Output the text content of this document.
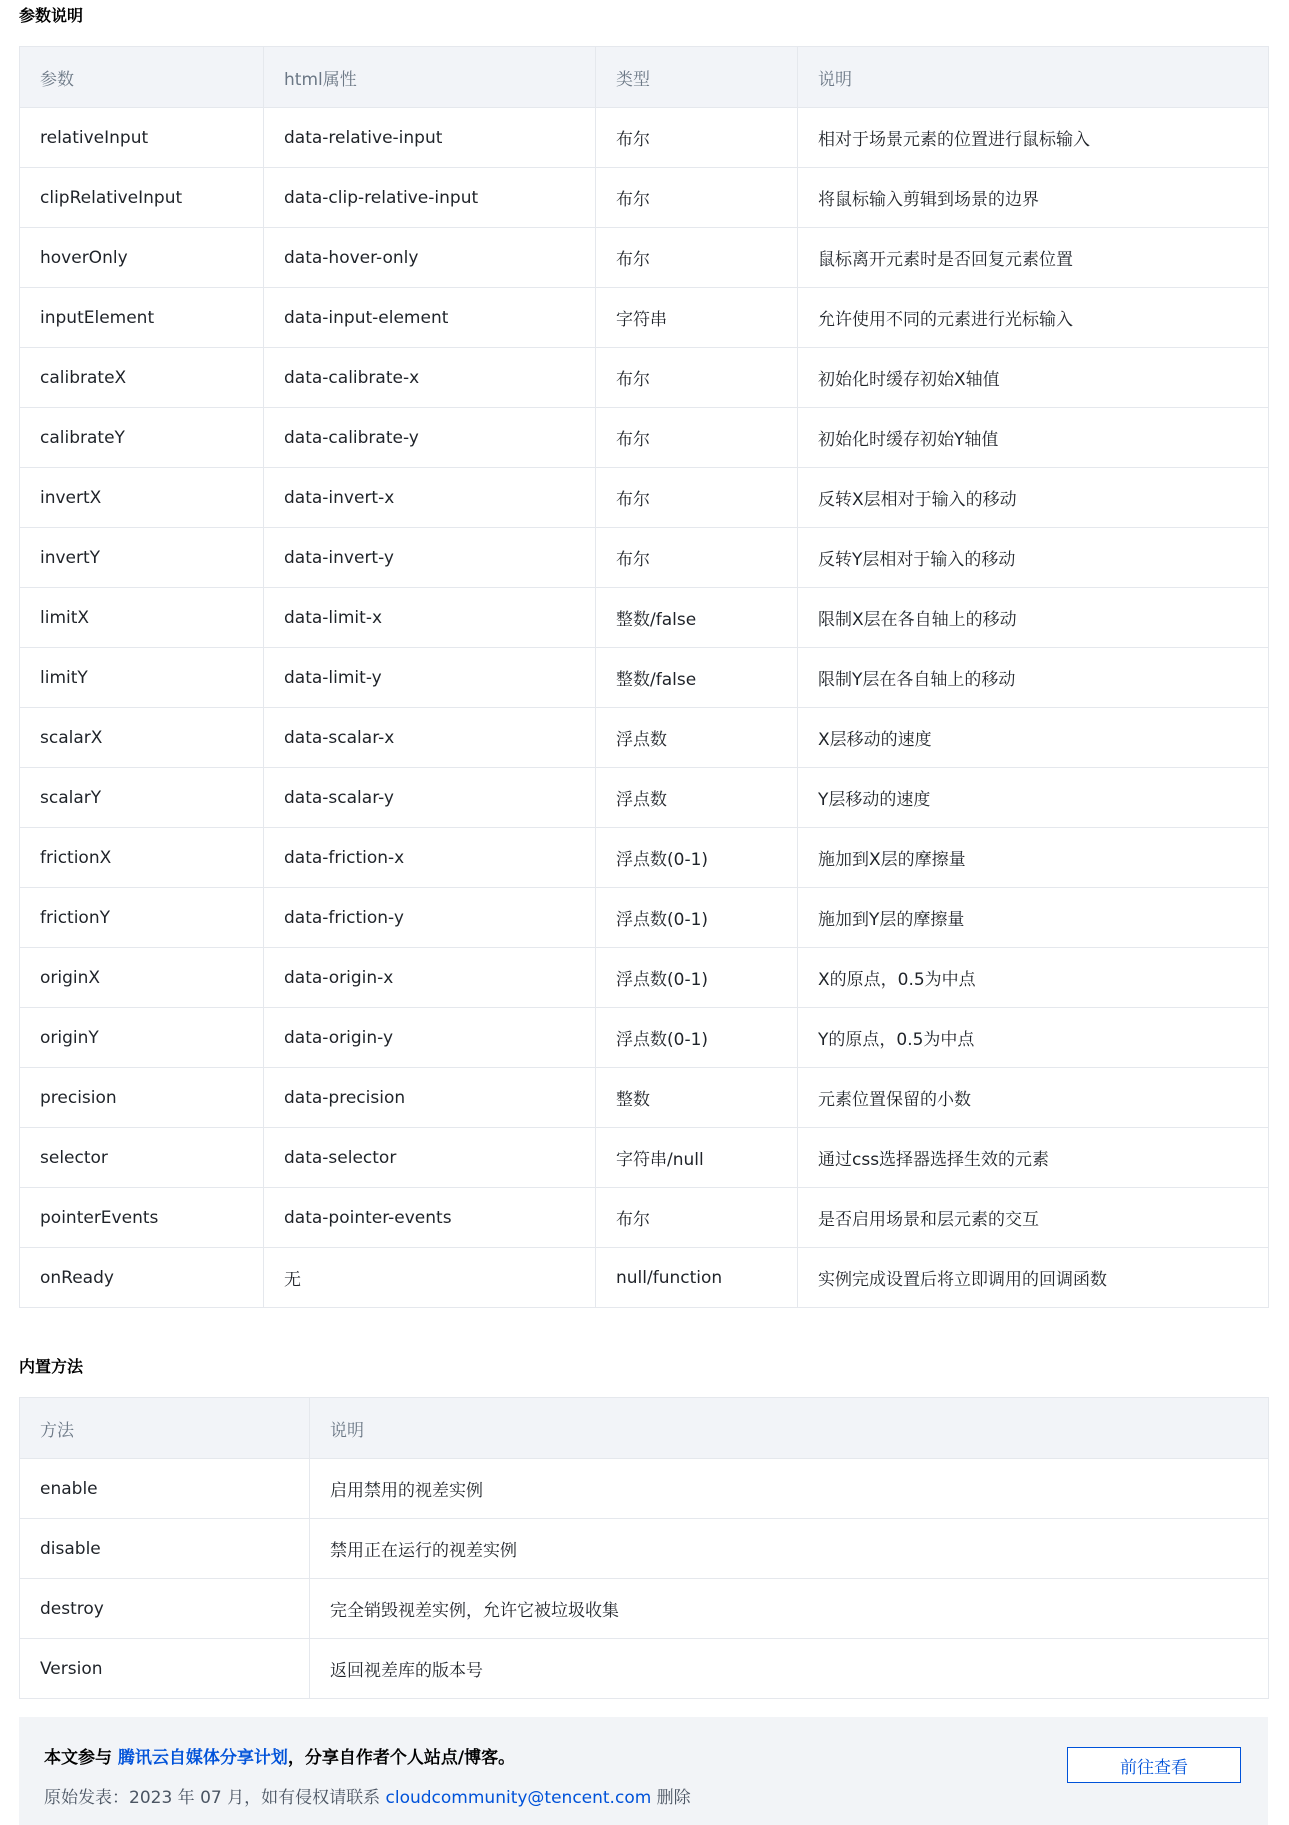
参数说明
参数	html属性	类型	说明
relativeInput	data-relative-input	布尔	相对于场景元素的位置进行鼠标输入
clipRelativeInput	data-clip-relative-input	布尔	将鼠标输入剪辑到场景的边界
hoverOnly	data-hover-only	布尔	鼠标离开元素时是否回复元素位置
inputElement	data-input-element	字符串	允许使用不同的元素进行光标输入
calibrateX	data-calibrate-x	布尔	初始化时缓存初始X轴值
calibrateY	data-calibrate-y	布尔	初始化时缓存初始Y轴值
invertX	data-invert-x	布尔	反转X层相对于输入的移动
invertY	data-invert-y	布尔	反转Y层相对于输入的移动
limitX	data-limit-x	整数/false	限制X层在各自轴上的移动
limitY	data-limit-y	整数/false	限制Y层在各自轴上的移动
scalarX	data-scalar-x	浮点数	X层移动的速度
scalarY	data-scalar-y	浮点数	Y层移动的速度
frictionX	data-friction-x	浮点数(0-1)	施加到X层的摩擦量
frictionY	data-friction-y	浮点数(0-1)	施加到Y层的摩擦量
originX	data-origin-x	浮点数(0-1)	X的原点，0.5为中点
originY	data-origin-y	浮点数(0-1)	Y的原点，0.5为中点
precision	data-precision	整数	元素位置保留的小数
selector	data-selector	字符串/null	通过css选择器选择生效的元素
pointerEvents	data-pointer-events	布尔	是否启用场景和层元素的交互
onReady	无	null/function	实例完成设置后将立即调用的回调函数
内置方法
方法	说明
enable	启用禁用的视差实例
disable	禁用正在运行的视差实例
destroy	完全销毁视差实例，允许它被垃圾收集
Version	返回视差库的版本号
本文参与 腾讯云自媒体分享计划，分享自作者个人站点/博客。
原始发表：2023 年 07 月，如有侵权请联系 cloudcommunity@tencent.com 删除
前往查看
